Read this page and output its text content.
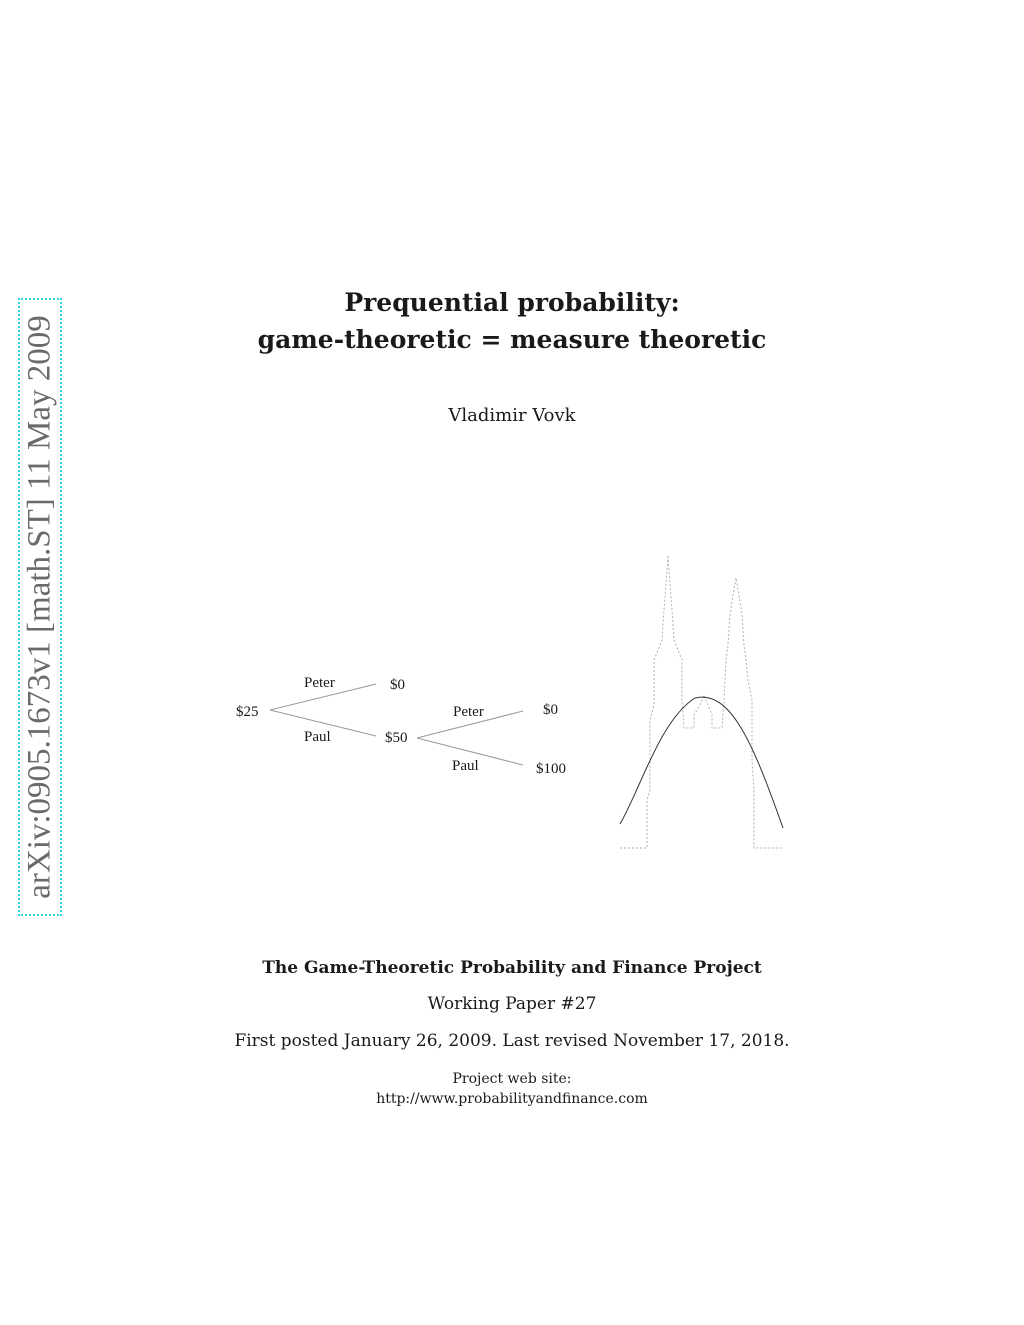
arXiv:0905.1673v1 [math.ST] 11 May 2009
Prequential probability:
game-theoretic = measure theoretic
Vladimir Vovk
$25
Peter
Paul
$0
$50
Peter
Paul
$0
$100
The Game-Theoretic Probability and Finance Project
Working Paper #27
First posted January 26, 2009. Last revised November 17, 2018.
Project web site:
http://www.probabilityandfinance.com
